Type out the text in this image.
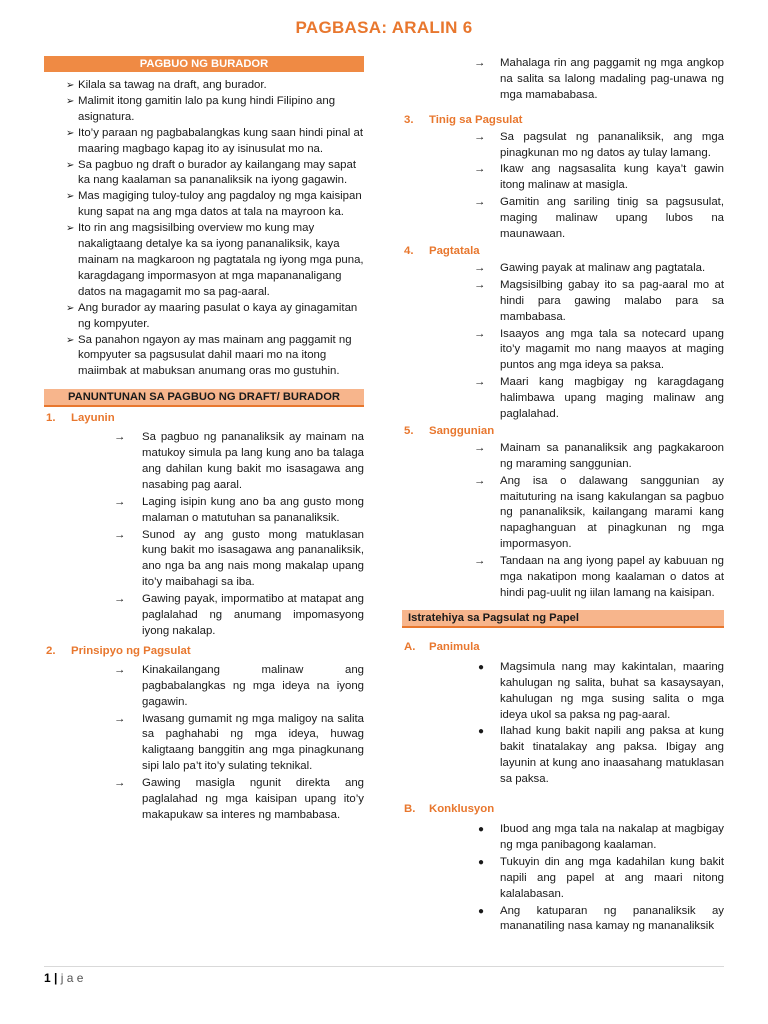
PAGBASA: ARALIN 6
PAGBUO NG BURADOR
➢ Kilala sa tawag na draft, ang burador.
➢ Malimit itong gamitin lalo pa kung hindi Filipino ang asignatura.
➢ Ito’y paraan ng pagbabalangkas kung saan hindi pinal at maaring magbago kapag ito ay isinusulat mo na.
➢ Sa pagbuo ng draft o burador ay kailangang may sapat ka nang kaalaman sa pananaliksik na iyong gagawin.
➢ Mas magiging tuloy-tuloy ang pagdaloy ng mga kaisipan kung sapat na ang mga datos at tala na mayroon ka.
➢ Ito rin ang magsisilbing overview mo kung may nakaligtaang detalye ka sa iyong pananaliksik, kaya mainam na magkaroon ng pagtatala ng iyong mga puna, karagdagang impormasyon at mga mapananaligang datos na magagamit mo sa pag-aaral.
➢ Ang burador ay maaring pasulat o kaya ay ginagamitan ng kompyuter.
➢ Sa panahon ngayon ay mas mainam ang paggamit ng kompyuter sa pagsusulat dahil maari mo na itong maiimbak at mabuksan anumang oras mo gustuhin.
PANUNTUNAN SA PAGBUO NG DRAFT/ BURADOR
1. Layunin
→ Sa pagbuo ng pananaliksik ay mainam na matukoy simula pa lang kung ano ba talaga ang dahilan kung bakit mo isasagawa ang nasabing pag aaral.
→ Laging isipin kung ano ba ang gusto mong malaman o matutuhan sa pananaliksik.
→ Sunod ay ang gusto mong matuklasan kung bakit mo isasagawa ang pananaliksik, ano nga ba ang nais mong makalap upang ito’y maibahagi sa iba.
→ Gawing payak, impormatibo at matapat ang paglalahad ng anumang impomasyong iyong nakalap.
2. Prinsipyo ng Pagsulat
→ Kinakailangang malinaw ang pagbabalangkas ng mga ideya na iyong gagawin.
→ Iwasang gumamit ng mga maligoy na salita sa paghahabi ng mga ideya, huwag kaligtaang banggitin ang mga pinagkunang sipi lalo pa’t ito’y sulating teknikal.
→ Gawing masigla ngunit direkta ang paglalahad ng mga kaisipan upang ito’y makapukaw sa interes ng mambabasa.
→ Mahalaga rin ang paggamit ng mga angkop na salita sa lalong madaling pag-unawa ng mga mamababasa.
3. Tinig sa Pagsulat
→ Sa pagsulat ng pananaliksik, ang mga pinagkunan mo ng datos ay tulay lamang.
→ Ikaw ang nagsasalita kung kaya’t gawin itong malinaw at masigla.
→ Gamitin ang sariling tinig sa pagsusulat, maging malinaw upang lubos na maunawaan.
4. Pagtatala
→ Gawing payak at malinaw ang pagtatala.
→ Magsisilbing gabay ito sa pag-aaral mo at hindi para gawing malabo para sa mambabasa.
→ Isaayos ang mga tala sa notecard upang ito’y magamit mo nang maayos at maging puntos ang mga ideya sa paksa.
→ Maari kang magbigay ng karagdagang halimbawa upang maging malinaw ang paglalahad.
5. Sanggunian
→ Mainam sa pananaliksik ang pagkakaroon ng maraming sanggunian.
→ Ang isa o dalawang sanggunian ay maituturing na isang kakulangan sa pagbuo ng pananaliksik, kailangang marami kang napaghanguan at pinagkunan ng mga impormasyon.
→ Tandaan na ang iyong papel ay kabuuan ng mga nakatipon mong kaalaman o datos at hindi pag-uulit ng iilan lamang na kaisipan.
Istratehiya sa Pagsulat ng Papel
A. Panimula
● Magsimula nang may kakintalan, maaring kahulugan ng salita, buhat sa kasaysayan, kahulugan ng mga susing salita o mga ideya ukol sa paksa ng pag-aaral.
● Ilahad kung bakit napili ang paksa at kung bakit tinatalakay ang paksa. Ibigay ang layunin at kung ano inaasahang matuklasan sa paksa.
B. Konklusyon
● Ibuod ang mga tala na nakalap at magbigay ng mga panibagong kaalaman.
● Tukuyin din ang mga kadahilan kung bakit napili ang papel at ang maari nitong kalalabasan.
● Ang katuparan ng pananaliksik ay mananatiling nasa kamay ng mananaliksik
1 | j a e
